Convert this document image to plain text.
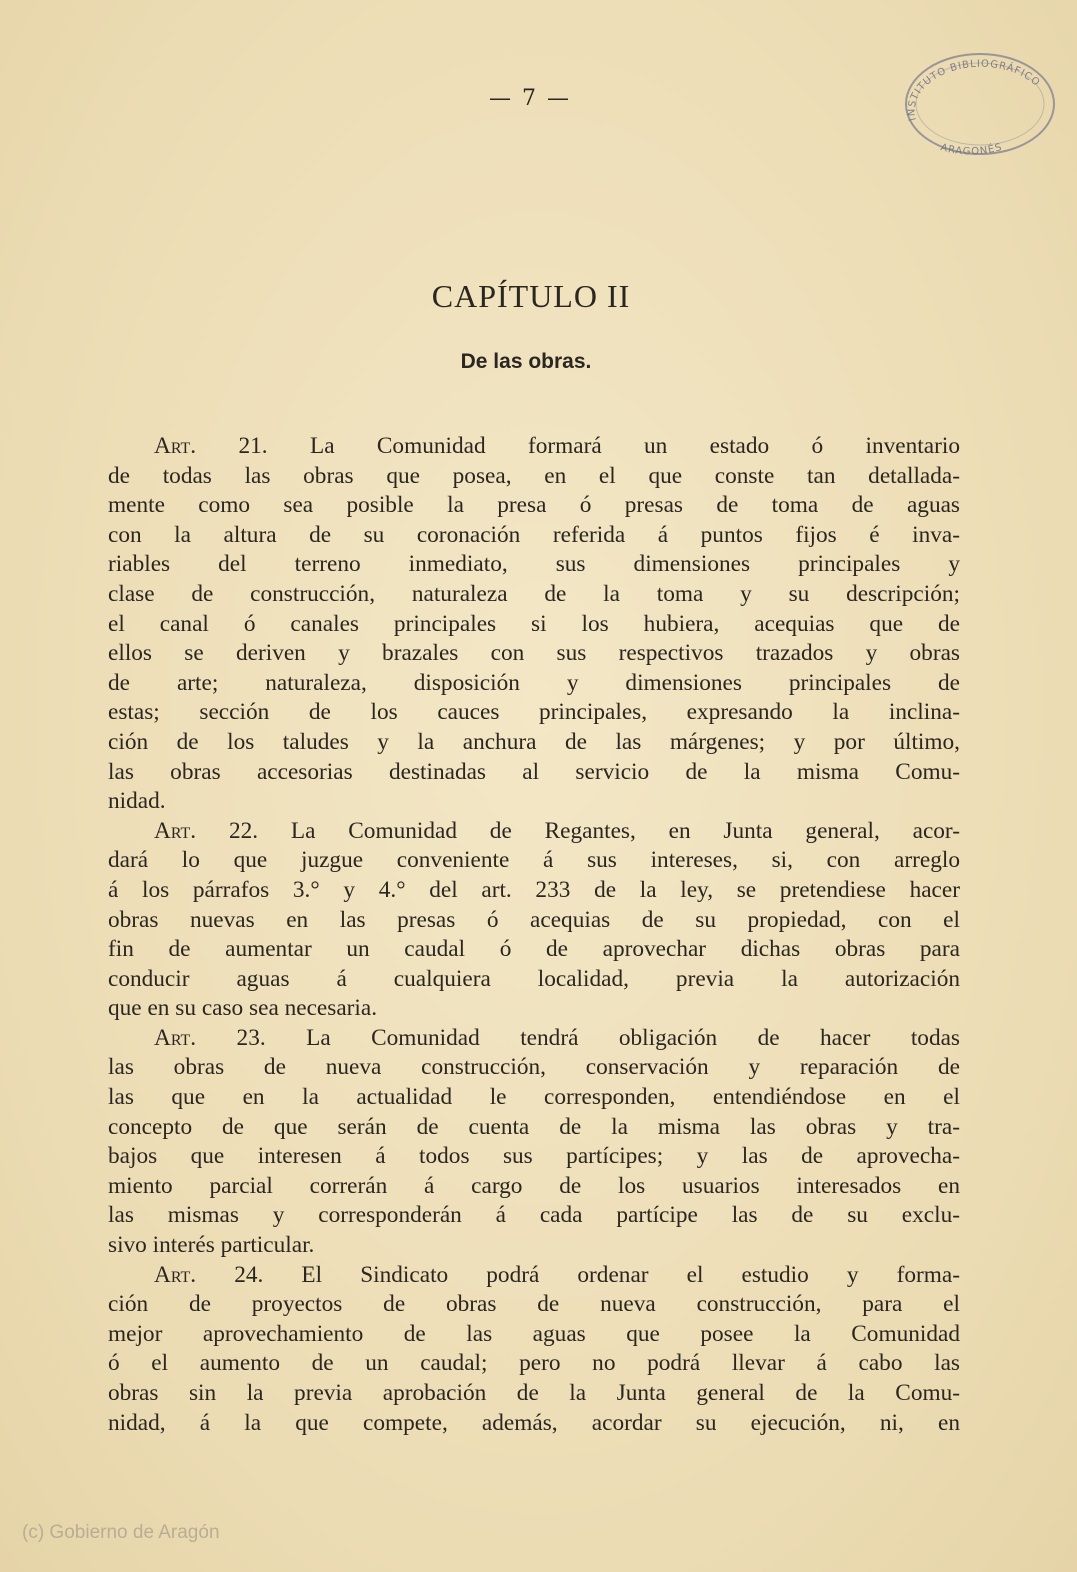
— 7 —
INSTITUTO BIBLIOGRÁFICO
ARAGONÉS
CAPÍTULO II
De las obras.
Art. 21. La Comunidad formará un estado ó inventario
de todas las obras que posea, en el que conste tan detallada-
mente como sea posible la presa ó presas de toma de aguas
con la altura de su coronación referida á puntos fijos é inva-
riables del terreno inmediato, sus dimensiones principales y
clase de construcción, naturaleza de la toma y su descripción;
el canal ó canales principales si los hubiera, acequias que de
ellos se deriven y brazales con sus respectivos trazados y obras
de arte; naturaleza, disposición y dimensiones principales de
estas; sección de los cauces principales, expresando la inclina-
ción de los taludes y la anchura de las márgenes; y por último,
las obras accesorias destinadas al servicio de la misma Comu-
nidad.
Art. 22. La Comunidad de Regantes, en Junta general, acor-
dará lo que juzgue conveniente á sus intereses, si, con arreglo
á los párrafos 3.° y 4.° del art. 233 de la ley, se pretendiese hacer
obras nuevas en las presas ó acequias de su propiedad, con el
fin de aumentar un caudal ó de aprovechar dichas obras para
conducir aguas á cualquiera localidad, previa la autorización
que en su caso sea necesaria.
Art. 23. La Comunidad tendrá obligación de hacer todas
las obras de nueva construcción, conservación y reparación de
las que en la actualidad le corresponden, entendiéndose en el
concepto de que serán de cuenta de la misma las obras y tra-
bajos que interesen á todos sus partícipes; y las de aprovecha-
miento parcial correrán á cargo de los usuarios interesados en
las mismas y corresponderán á cada partícipe las de su exclu-
sivo interés particular.
Art. 24. El Sindicato podrá ordenar el estudio y forma-
ción de proyectos de obras de nueva construcción, para el
mejor aprovechamiento de las aguas que posee la Comunidad
ó el aumento de un caudal; pero no podrá llevar á cabo las
obras sin la previa aprobación de la Junta general de la Comu-
nidad, á la que compete, además, acordar su ejecución, ni, en
(c) Gobierno de Aragón
